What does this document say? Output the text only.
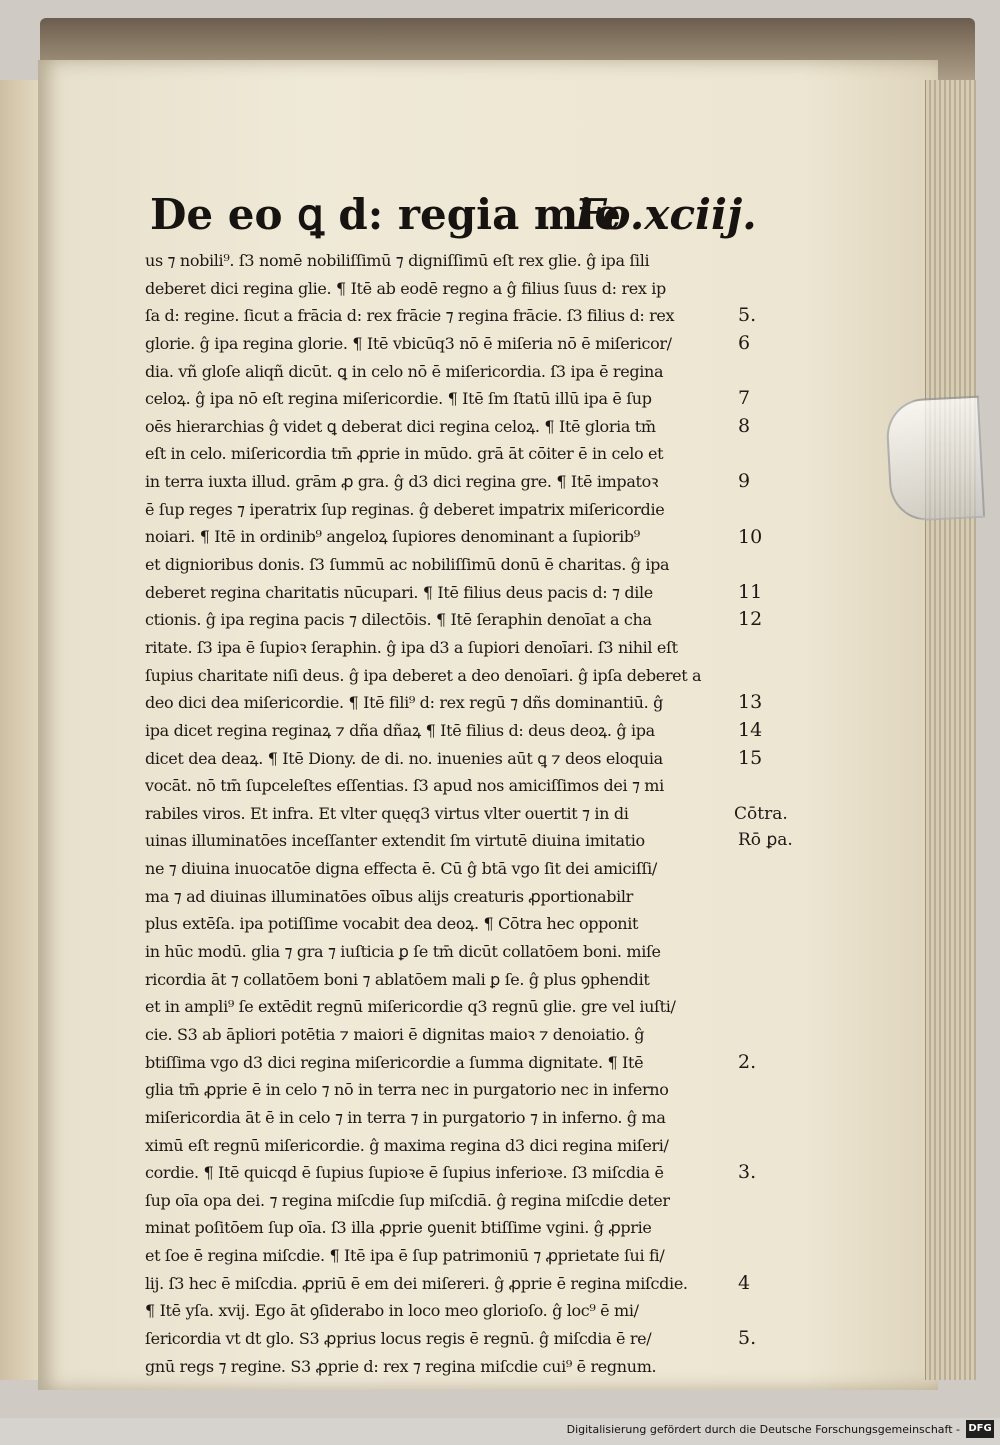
De eo ꝗ d: regia mie
Fo.xciij.
us ⁊ nobili⁹. ſ3 nomē nobiliſſimū ⁊ digniſſimū eſt rex glie. ĝ ipa ſili
deberet dici regina glie. ¶ Itē ab eodē regno a ĝ filius ſuus d: rex ip
ſa d: regine. ſicut a frācia d: rex frācie ⁊ regina frācie. ſ3 filius d: rex
glorie. ĝ ipa regina glorie. ¶ Itē vbicūq3 nō ē miſeria nō ē miſericor/
dia. vñ gloſe aliqñ dicūt. ꝗ in celo nō ē miſericordia. ſ3 ipa ē regina
celoꝝ. ĝ ipa nō eſt regina miſericordie. ¶ Itē ſm ſtatū illū ipa ē ſup
oēs hierarchias ĝ videt ꝗ deberat dici regina celoꝝ. ¶ Itē gloria tm̄
eſt in celo. miſericordia tm̄ ꝓprie in mūdo. grā āt cōiter ē in celo et
in terra iuxta illud. grām ꝓ gra. ĝ d3 dici regina gre. ¶ Itē impatoꝛ
ē ſup reges ⁊ iperatrix ſup reginas. ĝ deberet impatrix miſericordie
noiari. ¶ Itē in ordinib⁹ angeloꝝ ſupiores denominant a ſupiorib⁹
et dignioribus donis. ſ3 ſummū ac nobiliſſimū donū ē charitas. ĝ ipa
deberet regina charitatis nūcupari. ¶ Itē filius deus pacis d: ⁊ dile
ctionis. ĝ ipa regina pacis ⁊ dilectōis. ¶ Itē ſeraphin denoīat a cha
ritate. ſ3 ipa ē ſupioꝛ ſeraphin. ĝ ipa d3 a ſupiori denoīari. ſ3 nihil eſt
ſupius charitate niſi deus. ĝ ipa deberet a deo denoīari. ĝ ipſa deberet a
deo dici dea miſericordie. ¶ Itē fili⁹ d: rex regū ⁊ dñs dominantiū. ĝ
ipa dicet regina reginaꝝ ⁊ dña dñaꝝ ¶ Itē filius d: deus deoꝝ. ĝ ipa
dicet dea deaꝝ. ¶ Itē Diony. de di. no. inuenies aūt ꝗ ⁊ deos eloquia
vocāt. nō tm̄ ſupceleſtes eſſentias. ſ3 apud nos amiciſſimos dei ⁊ mi
rabiles viros. Et infra. Et vlter quęq3 virtus vlter ouertit ⁊ in di
uinas illuminatōes inceſſanter extendit ſm virtutē diuina imitatio
ne ⁊ diuina inuocatōe digna effecta ē. Cū ĝ btā vgo ſit dei amiciſſi/
ma ⁊ ad diuinas illuminatōes oībus alijs creaturis ꝓportionabilr
plus extēſa. ipa potiſſime vocabit dea deoꝝ. ¶ Cōtra hec opponit
in hūc modū. glia ⁊ gra ⁊ iuſticia ꝑ ſe tm̄ dicūt collatōem boni. miſe
ricordia āt ⁊ collatōem boni ⁊ ablatōem mali ꝑ ſe. ĝ plus ꝯphendit
et in ampli⁹ ſe extēdit regnū miſericordie q3 regnū glie. gre vel iuſti/
cie. S3 ab āpliori potētia ⁊ maiori ē dignitas maioꝛ ⁊ denoiatio. ĝ
btiſſima vgo d3 dici regina miſericordie a ſumma dignitate. ¶ Itē
glia tm̄ ꝓprie ē in celo ⁊ nō in terra nec in purgatorio nec in inferno
miſericordia āt ē in celo ⁊ in terra ⁊ in purgatorio ⁊ in inferno. ĝ ma
ximū eſt regnū miſericordie. ĝ maxima regina d3 dici regina miſeri/
cordie. ¶ Itē quicqd ē ſupius ſupioꝛe ē ſupius inferioꝛe. ſ3 miſcdia ē
ſup oīa opa dei. ⁊ regina miſcdie ſup miſcdiā. ĝ regina miſcdie deter
minat poſitōem ſup oīa. ſ3 illa ꝓprie ꝯuenit btiſſime vgini. ĝ ꝓprie
et ſoe ē regina miſcdie. ¶ Itē ipa ē ſup patrimoniū ⁊ ꝓprietate ſui fi/
lij. ſ3 hec ē miſcdia. ꝓpriū ē em dei miſereri. ĝ ꝓprie ē regina miſcdie.
¶ Itē yſa. xvij. Ego āt ꝯſiderabo in loco meo glorioſo. ĝ loc⁹ ē mi/
ſericordia vt dt glo. S3 ꝓprius locus regis ē regnū. ĝ miſcdia ē re/
gnū regs ⁊ regine. S3 ꝓprie d: rex ⁊ regina miſcdie cui⁹ ē regnum.
5.
6
7
8
9
10
11
12
13
14
15
2.
3.
4
5.
Cōtra.
Rō ꝑa.
Digitalisierung gefördert durch die Deutsche Forschungsgemeinschaft - DFG
